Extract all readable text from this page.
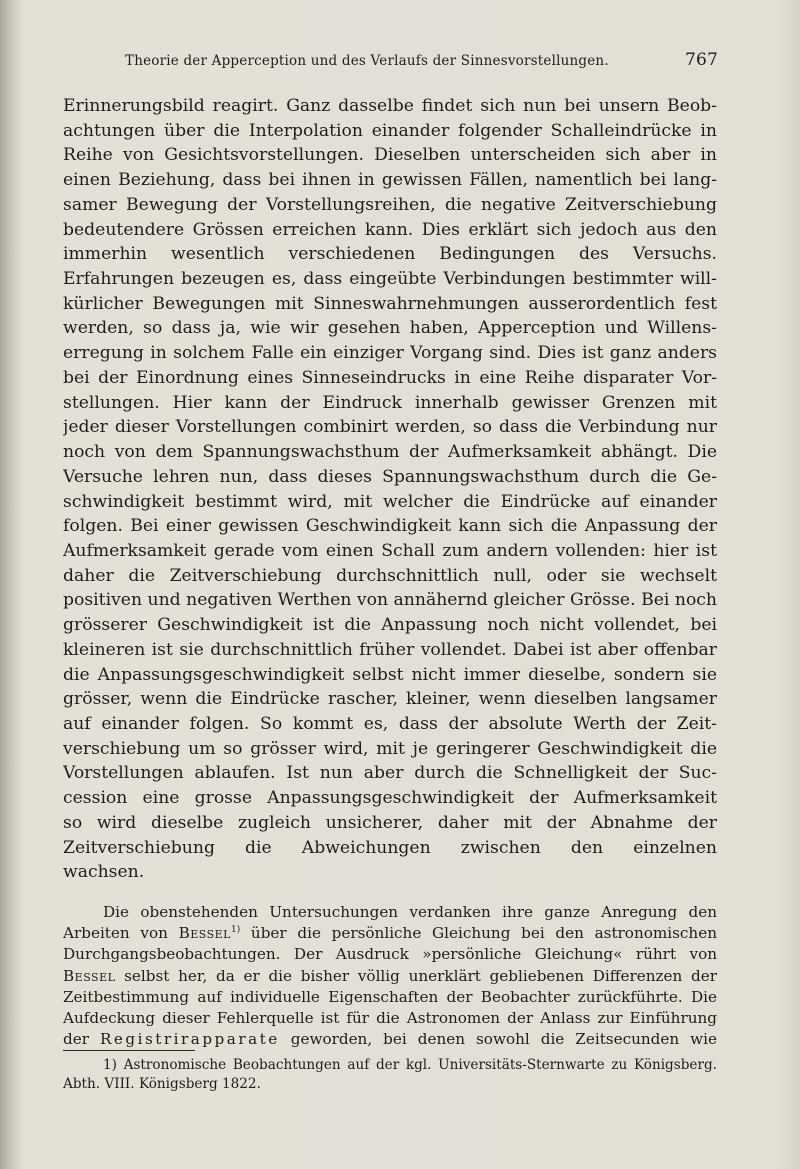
Theorie der Apperception und des Verlaufs der Sinnesvorstellungen.	767
Erinnerungsbild reagirt. Ganz dasselbe findet sich nun bei unsern Beob-
achtungen über die Interpolation einander folgender Schalleindrücke in
Reihe von Gesichtsvorstellungen. Dieselben unterscheiden sich aber in
einen Beziehung, dass bei ihnen in gewissen Fällen, namentlich bei lang-
samer Bewegung der Vorstellungsreihen, die negative Zeitverschiebung
bedeutendere Grössen erreichen kann. Dies erklärt sich jedoch aus den
immerhin wesentlich verschiedenen Bedingungen des Versuchs.
Erfahrungen bezeugen es, dass eingeübte Verbindungen bestimmter will-
kürlicher Bewegungen mit Sinneswahrnehmungen ausserordentlich fest
werden, so dass ja, wie wir gesehen haben, Apperception und Willens-
erregung in solchem Falle ein einziger Vorgang sind. Dies ist ganz anders
bei der Einordnung eines Sinneseindrucks in eine Reihe disparater Vor-
stellungen. Hier kann der Eindruck innerhalb gewisser Grenzen mit
jeder dieser Vorstellungen combinirt werden, so dass die Verbindung nur
noch von dem Spannungswachsthum der Aufmerksamkeit abhängt. Die
Versuche lehren nun, dass dieses Spannungswachsthum durch die Ge-
schwindigkeit bestimmt wird, mit welcher die Eindrücke auf einander
folgen. Bei einer gewissen Geschwindigkeit kann sich die Anpassung der
Aufmerksamkeit gerade vom einen Schall zum andern vollenden: hier ist
daher die Zeitverschiebung durchschnittlich null, oder sie wechselt
positiven und negativen Werthen von annähernd gleicher Grösse. Bei noch
grösserer Geschwindigkeit ist die Anpassung noch nicht vollendet, bei
kleineren ist sie durchschnittlich früher vollendet. Dabei ist aber offenbar
die Anpassungsgeschwindigkeit selbst nicht immer dieselbe, sondern sie
grösser, wenn die Eindrücke rascher, kleiner, wenn dieselben langsamer
auf einander folgen. So kommt es, dass der absolute Werth der Zeit-
verschiebung um so grösser wird, mit je geringerer Geschwindigkeit die
Vorstellungen ablaufen. Ist nun aber durch die Schnelligkeit der Suc-
cession eine grosse Anpassungsgeschwindigkeit der Aufmerksamkeit
so wird dieselbe zugleich unsicherer, daher mit der Abnahme der
Zeitverschiebung die Abweichungen zwischen den einzelnen
wachsen.
Die obenstehenden Untersuchungen verdanken ihre ganze Anregung den
Arbeiten von Bessel$^{1)}$ über die persönliche Gleichung bei den astronomischen
Durchgangsbeobachtungen. Der Ausdruck »persönliche Gleichung« rührt von
Bessel selbst her, da er die bisher völlig unerklärt gebliebenen Differenzen der
Zeitbestimmung auf individuelle Eigenschaften der Beobachter zurückführte. Die
Aufdeckung dieser Fehlerquelle ist für die Astronomen der Anlass zur Einführung
der Registrirapparate geworden, bei denen sowohl die Zeitsecunden wie
1) Astronomische Beobachtungen auf der kgl. Universitäts-Sternwarte zu Königsberg.
Abth. VIII. Königsberg 1822.
